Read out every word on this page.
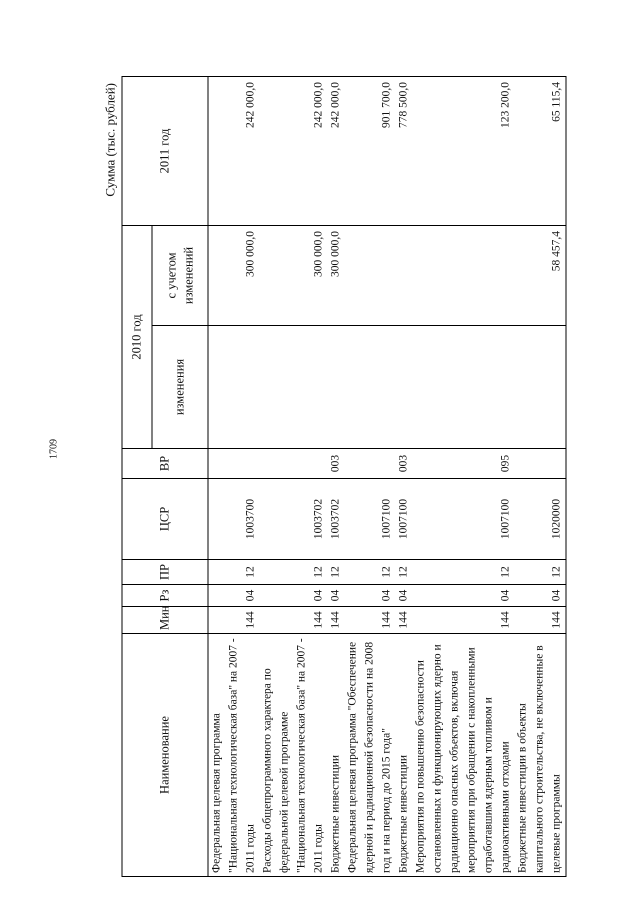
1709
Сумма (тыс. рублей)
Наименование	Мин	Рз	ПР	ЦСР	ВР	2010 год		2011 год
						изменения	с учетом изменений	
Федеральная целевая программа "Национальная технологическая база" на 2007 - 2011 годы	144	04	12	1003700			300 000,0	242 000,0
Расходы общепрограммного характера по федеральной целевой программе "Национальная технологическая база" на 2007 - 2011 годы	144	04	12	1003702			300 000,0	242 000,0
Бюджетные инвестиции	144	04	12	1003702	003		300 000,0	242 000,0
Федеральная целевая программа "Обеспечение ядерной и радиационной безопасности на 2008 год и на период до 2015 года"	144	04	12	1007100				901 700,0
Бюджетные инвестиции	144	04	12	1007100	003			778 500,0
Мероприятия по повышению безопасности остановленных и функционирующих ядерно и радиационно опасных объектов, включая мероприятия при обращении с накопленными отработавшим ядерным топливом и радиоактивными отходами	144	04	12	1007100	095			123 200,0
Бюджетные инвестиции в объекты капитального строительства, не включенные в целевые программы	144	04	12	1020000			58 457,4	65 115,4
